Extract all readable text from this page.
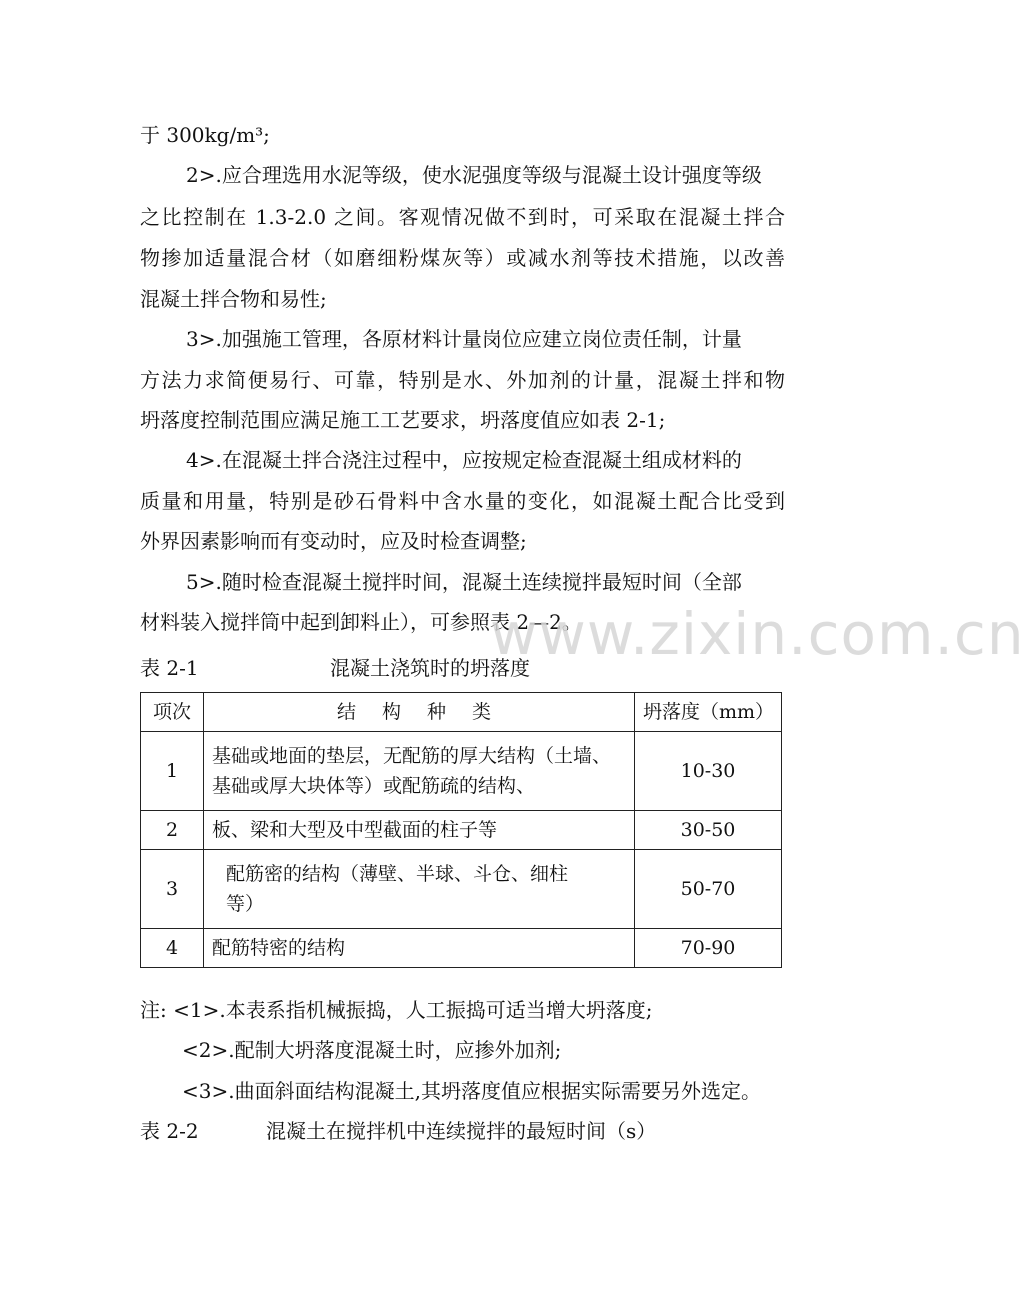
于 300kg/m³;
2>.应合理选用水泥等级，使水泥强度等级与混凝土设计强度等级
之比控制在 1.3-2.0 之间。客观情况做不到时，可采取在混凝土拌合
物掺加适量混合材（如磨细粉煤灰等）或减水剂等技术措施，以改善
混凝土拌合物和易性;
3>.加强施工管理，各原材料计量岗位应建立岗位责任制，计量
方法力求简便易行、可靠，特别是水、外加剂的计量，混凝土拌和物
坍落度控制范围应满足施工工艺要求，坍落度值应如表 2-1;
4>.在混凝土拌合浇注过程中，应按规定检查混凝土组成材料的
质量和用量，特别是砂石骨料中含水量的变化，如混凝土配合比受到
外界因素影响而有变动时，应及时检查调整;
5>.随时检查混凝土搅拌时间，混凝土连续搅拌最短时间（全部
材料装入搅拌筒中起到卸料止），可参照表 2—2。
www.zixin.com.cn
表 2-1	混凝土浇筑时的坍落度
项次	结 构 种 类	坍落度（mm）
1	基础或地面的垫层，无配筋的厚大结构（土墙、基础或厚大块体等）或配筋疏的结构、	10-30
2	板、梁和大型及中型截面的柱子等	30-50
3	配筋密的结构（薄壁、半球、斗仓、细柱等）	50-70
4	配筋特密的结构	70-90
注: <1>.本表系指机械振捣，人工振捣可适当增大坍落度;
<2>.配制大坍落度混凝土时，应掺外加剂;
<3>.曲面斜面结构混凝土,其坍落度值应根据实际需要另外选定。
表 2-2	混凝土在搅拌机中连续搅拌的最短时间（s）
